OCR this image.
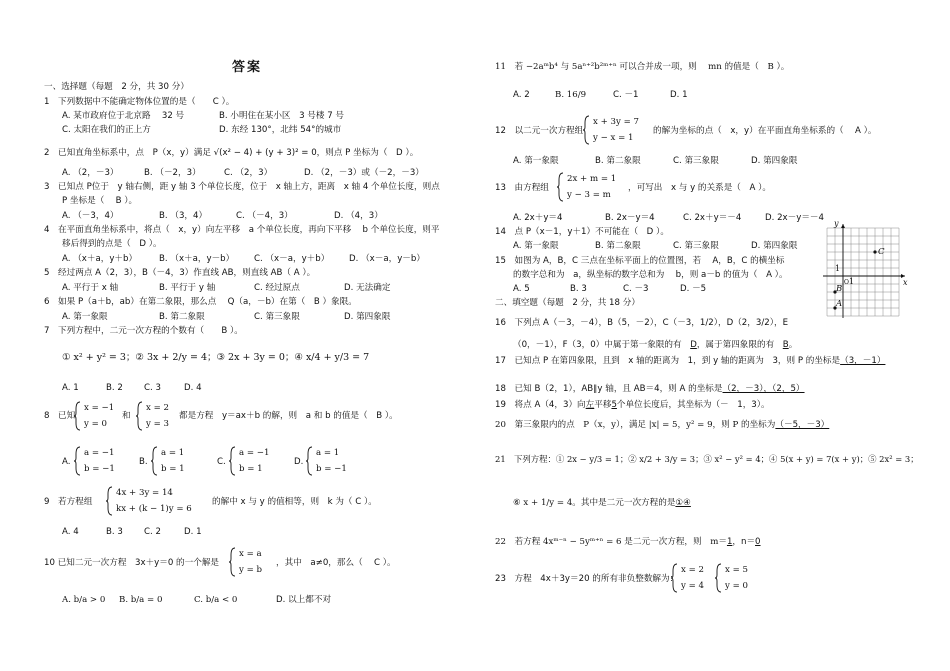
答案
一、选择题（每题　2 分，共 30 分）
1　下列数据中不能确定物体位置的是（　　C ）。
A. 某市政府位于北京路　 32 号	B. 小明住在某小区　3 号楼 7 号
C. 太阳在我们的正上方	D. 东经 130°，北纬 54°的城市
2　已知直角坐标系中，点　P（x，y）满足 √(x² − 4) + (y + 3)² = 0，则点 P 坐标为（　D ）。
A. （2，－3）	B. （－2，3）	C. （2，3）	D. （2，－3）或（－2，－3）
3　已知点 P位于　y 轴右侧，距 y 轴 3 个单位长度，位于　x 轴上方，距离　x 轴 4 个单位长度，则点
P 坐标是（　 B ）。
A. （－3，4）	B. （3，4）	C. （－4，3）	D. （4，3）
4　在平面直角坐标系中，将点（　x，y）向左平移　a 个单位长度，再向下平移　 b 个单位长度，则平
移后得到的点是（　D ）。
A. （x＋a，y＋b）	B. （x＋a，y－b） C. （x－a，y＋b） D. （x－a，y－b）
5　经过两点 A（2，3），B（－4，3）作直线 AB，则直线 AB（ A ）。
A. 平行于 x 轴	B. 平行于 y 轴	C. 经过原点	D. 无法确定
6　如果 P（a＋b，ab）在第二象限，那么点　 Q（a，－b）在第（　B ）象限。
A. 第一象限	B. 第二象限	C. 第三象限	D. 第四象限
7　下列方程中，二元一次方程的个数有（　　B ）。
① x² + y² = 3；② 3x + 2/y = 4；③ 2x + 3y = 0；④ x/4 + y/3 = 7
A. 1	B. 2 C. 3	D. 4
8　已知
x = −1
y = 0
和
x = 2
y = 3
都是方程　y＝ax＋b 的解，则　a 和 b 的值是（　B ）。
A.
a = −1
b = −1
B.
a = 1
b = 1
C.
a = −1
b = 1
D.
a = 1
b = −1
9　若方程组
4x + 3y = 14
kx + (k − 1)y = 6
的解中 x 与 y 的值相等，则　k 为（ C ）。
A. 4	B. 3 C. 2	D. 1
10 已知二元一次方程　3x＋y＝0 的一个解是
x = a
y = b
，其中　a≠0，那么（　 C ）。
A. b/a > 0 B. b/a = 0	C. b/a < 0	D. 以上都不对
11　若 −2aᵐb⁴ 与 5aⁿ⁺²b²ᵐ⁺ⁿ 可以合并成一项，则　 mn 的值是（　B ）。
A. 2	B. 16/9	C. －1	D. 1
12　以二元一次方程组
x + 3y = 7
y − x = 1
的解为坐标的点（　x，y）在平面直角坐标系的（　 A ）。
A. 第一象限	B. 第二象限	C. 第三象限	D. 第四象限
13　由方程组
2x + m = 1
y − 3 = m
，可写出　x 与 y 的关系是（　A ）。
A. 2x＋y＝4	B. 2x－y＝4	C. 2x＋y＝－4	D. 2x－y＝－4
14　点 P（x－1，y＋1）不可能在（　D ）。
A. 第一象限	B. 第二象限	C. 第三象限	D. 第四象限
15　如图为 A，B，C 三点在坐标平面上的位置图，若　 A，B，C 的横坐标
的数字总和为　a，纵坐标的数字总和为　 b，则 a－b 的值为（　A ）。
A. 5	B. 3	C. －3	D. －5
x
y
1
1
O
A
B
C
二、填空题（每题　2 分，共 18 分）
16　下列点 A（－3，－4），B（5，－2），C（－3，1/2），D（2，3/2），E
（0，－1），F（3，0）中属于第一象限的有　D，属于第四象限的有　B。
17　已知点 P 在第四象限，且到　x 轴的距离为　1，到 y 轴的距离为　3，则 P 的坐标是（3，－1）
18　已知 B（2，1），AB∥y 轴，且 AB＝4，则 A 的坐标是（2，－3），（2，5）
19　将点 A（4，3）向左平移5个单位长度后，其坐标为（－　1，3）。
20　第三象限内的点　P（x，y），满足 |x| = 5，y² = 9，则 P 的坐标为（－5，－3）
21　下列方程：① 2x − y/3 = 1；② x/2 + 3/y = 3；③ x² − y² = 4；④ 5(x + y) = 7(x + y)；⑤ 2x² = 3；
⑥ x + 1/y = 4。其中是二元一次方程的是①④
22　若方程 4xᵐ⁻ⁿ − 5yᵐ⁺ⁿ = 6 是二元一次方程，则　m＝1，n＝0
23　方程　4x＋3y＝20 的所有非负整数解为：
x = 2
y = 4
x = 5
y = 0
